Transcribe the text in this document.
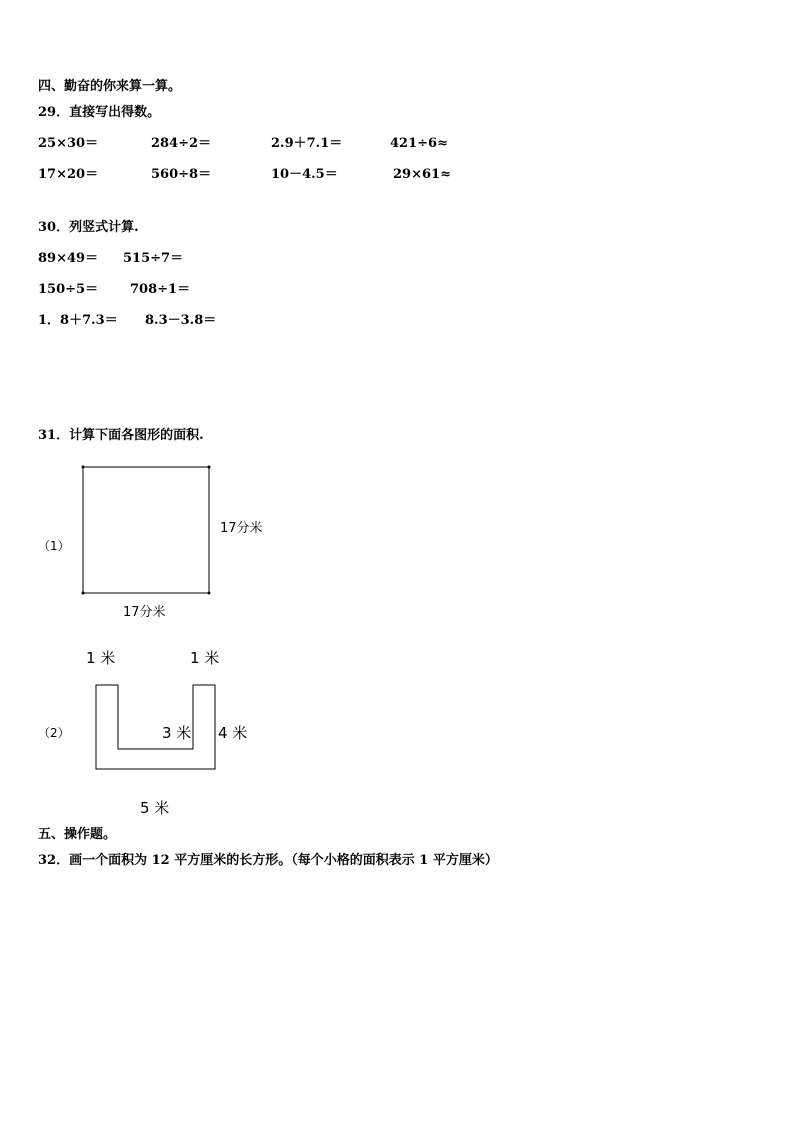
四、勤奋的你来算一算。
29．直接写出得数。
25×30＝	284÷2＝	2.9＋7.1＝	421÷6≈
17×20＝	560÷8＝	10－4.5＝	29×61≈
30．列竖式计算.
89×49＝ 515÷7＝
150÷5＝ 708÷1＝
1．8＋7.3＝ 8.3－3.8＝
31．计算下面各图形的面积.
（1）
17分米
17分米
（2）
1 米	1 米
3 米 4 米
5 米
五、操作题。
32．画一个面积为 12 平方厘米的长方形。（每个小格的面积表示 1 平方厘米）
